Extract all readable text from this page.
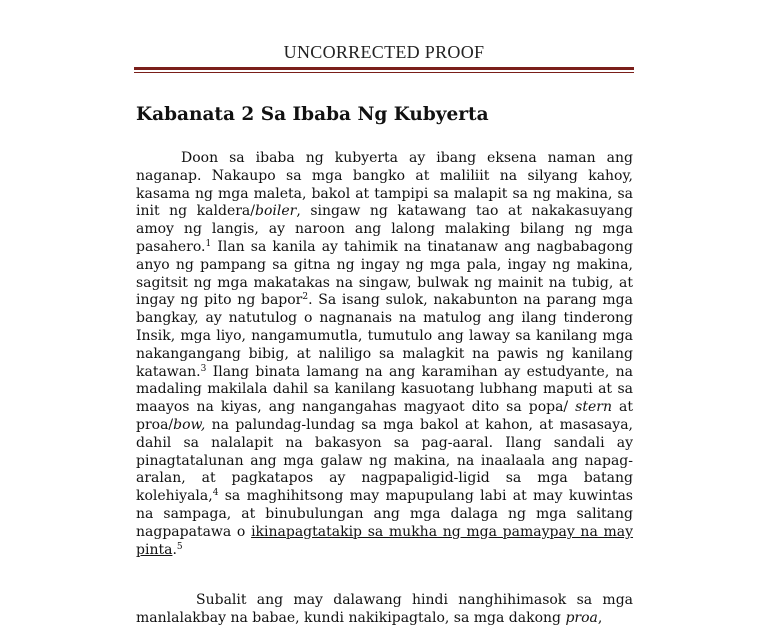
UNCORRECTED PROOF
Kabanata 2 Sa Ibaba Ng Kubyerta

Doon sa ibaba ng kubyerta ay ibang eksena naman ang naganap. Nakaupo sa mga bangko at maliliit na silyang kahoy, kasama ng mga maleta, bakol at tampipi sa malapit sa ng makina, sa init ng kaldera/boiler, singaw ng katawang tao at nakakasuyang amoy ng langis, ay naroon ang lalong malaking bilang ng mga pasahero.$^1$ Ilan sa kanila ay tahimik na tinatanaw ang nagbabagong anyo ng pampang sa gitna ng ingay ng mga pala, ingay ng makina, sagitsit ng mga makatakas na singaw, bulwak ng mainit na tubig, at ingay ng pito ng bapor$^2$. Sa isang sulok, nakabunton na parang mga bangkay, ay natutulog o nagnanais na matulog ang ilang tinderong Insik, mga liyo, nangamumutla, tumutulo ang laway sa kanilang mga nakangangang bibig, at naliligo sa malagkit na pawis ng kanilang katawan.$^3$ Ilang binata lamang na ang karamihan ay estudyante, na madaling makilala dahil sa kanilang kasuotang lubhang maputi at sa maayos na kiyas, ang nangangahas magyaot dito sa popa/ stern at proa/bow, na palundag-lundag sa mga bakol at kahon, at masasaya, dahil sa nalalapit na bakasyon sa pag-aaral. Ilang sandali ay pinagtatalunan ang mga galaw ng makina, na inaalaala ang napag-aralan, at pagkatapos ay nagpapaligid-ligid sa mga batang kolehiyala,$^4$ sa maghihitsong may mapupulang labi at may kuwintas na sampaga, at binubulungan ang mga dalaga ng mga salitang nagpapatawa o ikinapagtatakip sa mukha ng mga pamaypay na may pinta.$^5$

Subalit ang may dalawang hindi nanghihimasok sa mga manlalakbay na babae, kundi nakikipagtalo, sa mga dakong proa,
